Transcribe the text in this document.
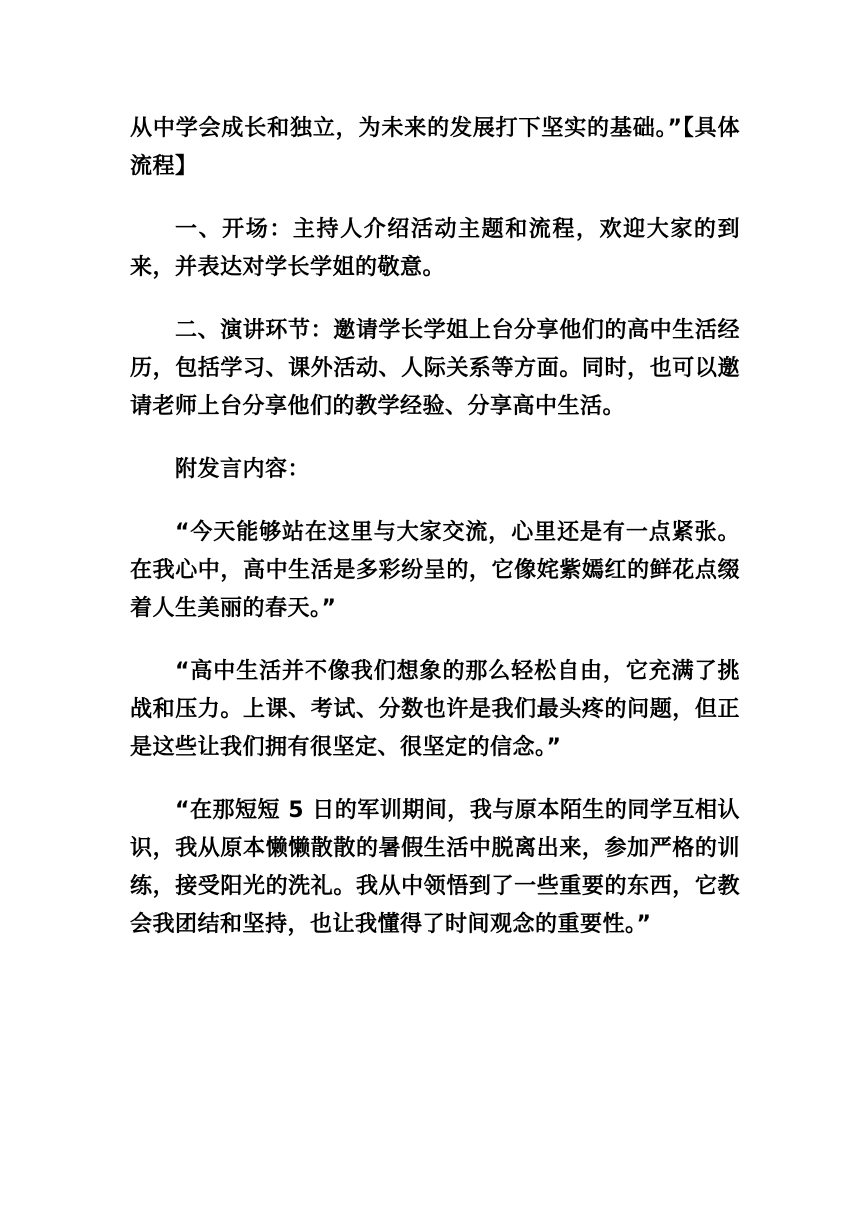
从中学会成长和独立，为未来的发展打下坚实的基础。”【具体流程】

一、开场：主持人介绍活动主题和流程，欢迎大家的到来，并表达对学长学姐的敬意。

二、演讲环节：邀请学长学姐上台分享他们的高中生活经历，包括学习、课外活动、人际关系等方面。同时，也可以邀请老师上台分享他们的教学经验、分享高中生活。

附发言内容：

“今天能够站在这里与大家交流，心里还是有一点紧张。在我心中，高中生活是多彩纷呈的，它像姹紫嫣红的鲜花点缀着人生美丽的春天。”

“高中生活并不像我们想象的那么轻松自由，它充满了挑战和压力。上课、考试、分数也许是我们最头疼的问题，但正是这些让我们拥有很坚定、很坚定的信念。”

“在那短短 5 日的军训期间，我与原本陌生的同学互相认识，我从原本懒懒散散的暑假生活中脱离出来，参加严格的训练，接受阳光的洗礼。我从中领悟到了一些重要的东西，它教会我团结和坚持，也让我懂得了时间观念的重要性。”
